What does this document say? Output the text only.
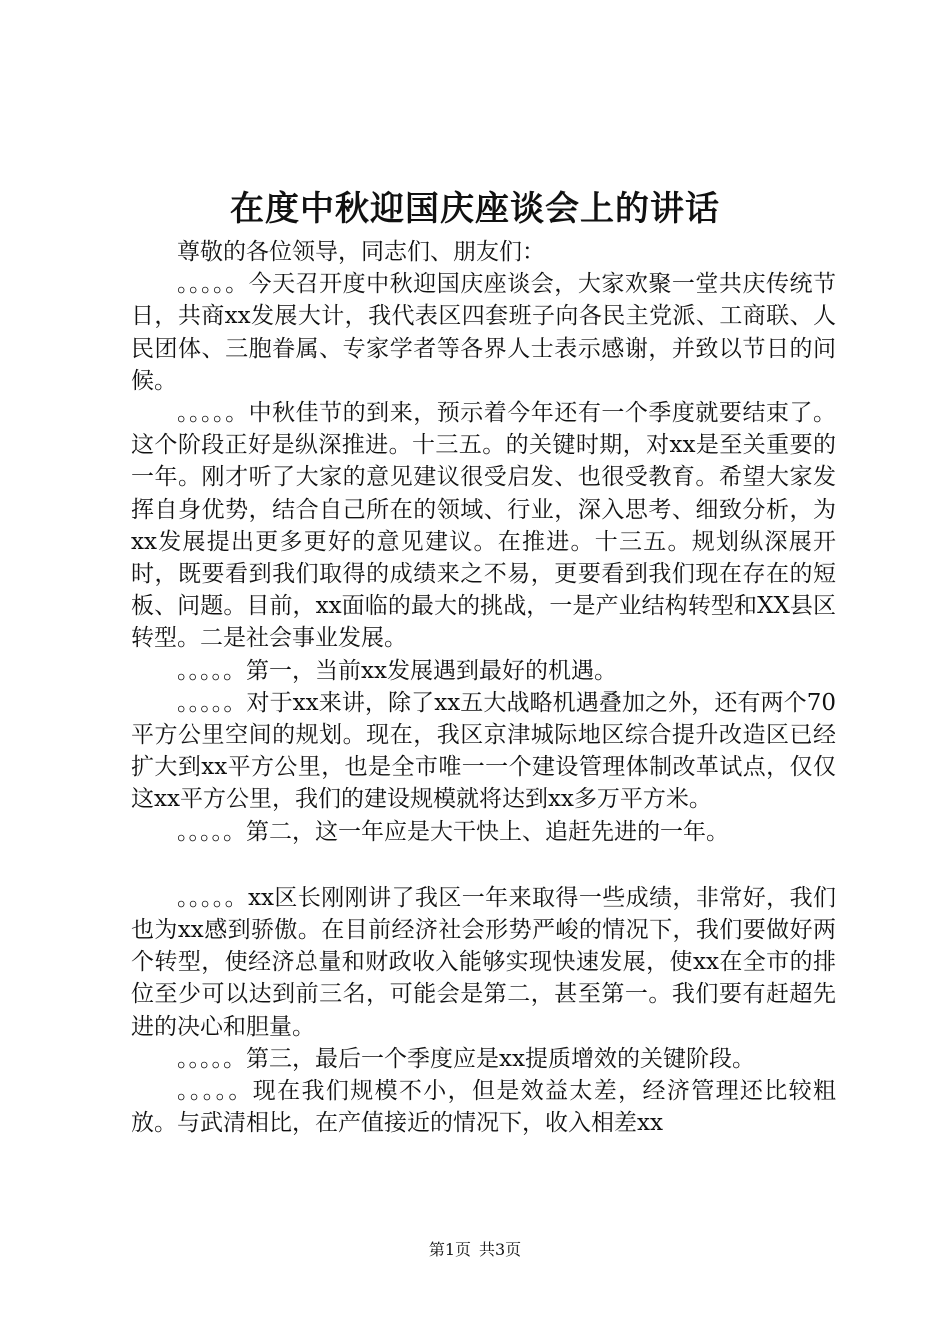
在度中秋迎国庆座谈会上的讲话

尊敬的各位领导，同志们、朋友们：

。。。。。今天召开度中秋迎国庆座谈会，大家欢聚一堂共庆传统节日，共商xx发展大计，我代表区四套班子向各民主党派、工商联、人民团体、三胞眷属、专家学者等各界人士表示感谢，并致以节日的问候。

。。。。。中秋佳节的到来，预示着今年还有一个季度就要结束了。这个阶段正好是纵深推进。十三五。的关键时期，对xx是至关重要的一年。刚才听了大家的意见建议很受启发、也很受教育。希望大家发挥自身优势，结合自己所在的领域、行业，深入思考、细致分析，为xx发展提出更多更好的意见建议。在推进。十三五。规划纵深展开时，既要看到我们取得的成绩来之不易，更要看到我们现在存在的短板、问题。目前，xx面临的最大的挑战，一是产业结构转型和XX县区转型。二是社会事业发展。

。。。。。第一，当前xx发展遇到最好的机遇。

。。。。。对于xx来讲，除了xx五大战略机遇叠加之外，还有两个70平方公里空间的规划。现在，我区京津城际地区综合提升改造区已经扩大到xx平方公里，也是全市唯一一个建设管理体制改革试点，仅仅这xx平方公里，我们的建设规模就将达到xx多万平方米。

。。。。。第二，这一年应是大干快上、追赶先进的一年。

。。。。。xx区长刚刚讲了我区一年来取得一些成绩，非常好，我们也为xx感到骄傲。在目前经济社会形势严峻的情况下，我们要做好两个转型，使经济总量和财政收入能够实现快速发展，使xx在全市的排位至少可以达到前三名，可能会是第二，甚至第一。我们要有赶超先进的决心和胆量。

。。。。。第三，最后一个季度应是xx提质增效的关键阶段。

。。。。。现在我们规模不小，但是效益太差，经济管理还比较粗放。与武清相比，在产值接近的情况下，收入相差xx

第1页 共3页
